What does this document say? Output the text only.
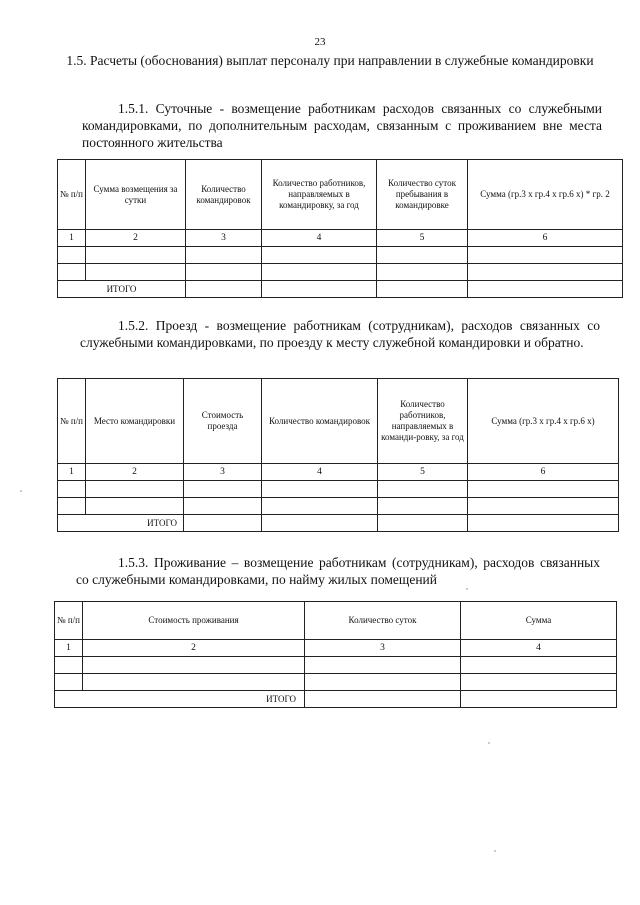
23
1.5. Расчеты (обоснования) выплат персоналу при направлении в служебные командировки
1.5.1. Суточные - возмещение работникам расходов связанных со служебными командировками, по дополнительным расходам, связанным с проживанием вне места постоянного жительства
№ п/п	Сумма возмещения за сутки	Количество командировок	Количество работников, направляемых в командировку, за год	Количество суток пребывания в командировке	Сумма (гр.3 х гр.4 х гр.6 х) * гр. 2
1	2	3	4	5	6

ИТОГО					
1.5.2. Проезд - возмещение работникам (сотрудникам), расходов связанных со служебными командировками, по проезду к месту служебной командировки и обратно.
№ п/п	Место командировки	Стоимость проезда	Количество командировок	Количество работников, направляемых в команди-ровку, за год	Сумма (гр.3 х гр.4 х гр.6 х)
1	2	3	4	5	6

ИТОГО					
1.5.3. Проживание – возмещение работникам (сотрудникам), расходов связанных со служебными командировками, по найму жилых помещений
№ п/п	Стоимость проживания	Количество суток	Сумма
1	2	3	4

ИТОГО			
